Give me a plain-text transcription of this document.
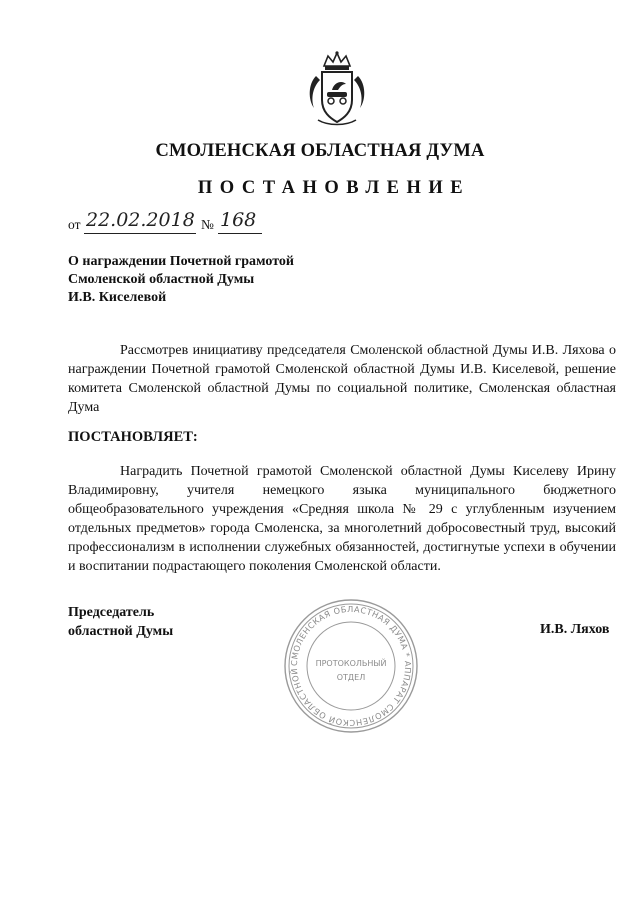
СМОЛЕНСКАЯ ОБЛАСТНАЯ ДУМА
ПОСТАНОВЛЕНИЕ
от 22.02.2018 № 168
О награждении Почетной грамотой
Смоленской областной Думы
И.В. Киселевой
Рассмотрев инициативу председателя Смоленской областной Думы И.В. Ляхова о награждении Почетной грамотой Смоленской областной Думы И.В. Киселевой, решение комитета Смоленской областной Думы по социальной политике, Смоленская областная Дума
ПОСТАНОВЛЯЕТ:
Наградить Почетной грамотой Смоленской областной Думы Киселеву Ирину Владимировну, учителя немецкого языка муниципального бюджетного общеобразовательного учреждения «Средняя школа № 29 с углубленным изучением отдельных предметов» города Смоленска, за многолетний добросовестный труд, высокий профессионализм в исполнении служебных обязанностей, достигнутые успехи в обучении и воспитании подрастающего поколения Смоленской области.
СМОЛЕНСКАЯ ОБЛАСТНАЯ ДУМА * АППАРАТ СМОЛЕНСКОЙ ОБЛАСТНОЙ
ПРОТОКОЛЬНЫЙ
ОТДЕЛ
Председатель
областной Думы	И.В. Ляхов
